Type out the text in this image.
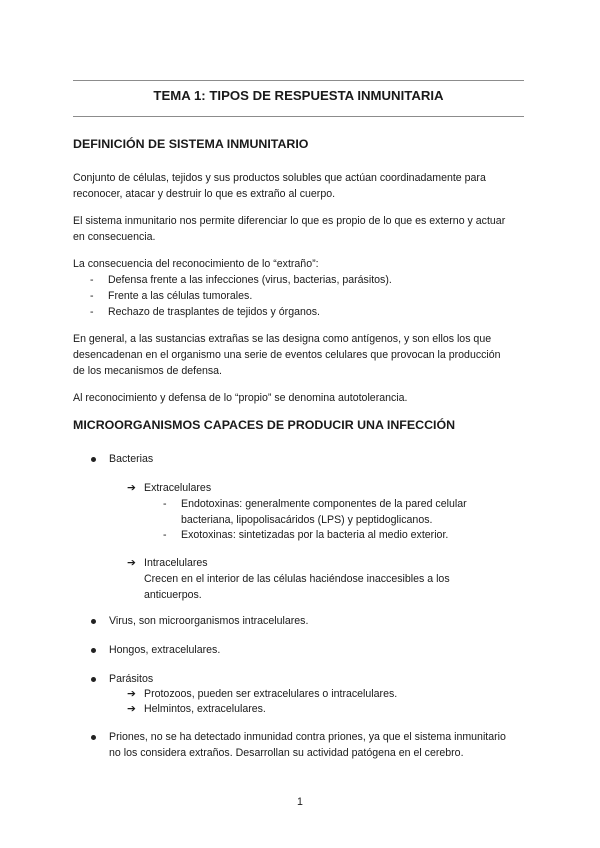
TEMA 1: TIPOS DE RESPUESTA INMUNITARIA
DEFINICIÓN DE SISTEMA INMUNITARIO
Conjunto de células, tejidos y sus productos solubles que actúan coordinadamente para
reconocer, atacar y destruir lo que es extraño al cuerpo.
El sistema inmunitario nos permite diferenciar lo que es propio de lo que es externo y actuar
en consecuencia.
La consecuencia del reconocimiento de lo “extraño”:
- Defensa frente a las infecciones (virus, bacterias, parásitos).
- Frente a las células tumorales.
- Rechazo de trasplantes de tejidos y órganos.
En general, a las sustancias extrañas se las designa como antígenos, y son ellos los que
desencadenan en el organismo una serie de eventos celulares que provocan la producción
de los mecanismos de defensa.
Al reconocimiento y defensa de lo “propio” se denomina autotolerancia.
MICROORGANISMOS CAPACES DE PRODUCIR UNA INFECCIÓN
Bacterias
➔ Extracelulares
- Endotoxinas: generalmente componentes de la pared celular
bacteriana, lipopolisacáridos (LPS) y peptidoglicanos.
- Exotoxinas: sintetizadas por la bacteria al medio exterior.
➔ Intracelulares
Crecen en el interior de las células haciéndose inaccesibles a los
anticuerpos.
Virus, son microorganismos intracelulares.
Hongos, extracelulares.
Parásitos
➔ Protozoos, pueden ser extracelulares o intracelulares.
➔ Helmintos, extracelulares.
Priones, no se ha detectado inmunidad contra priones, ya que el sistema inmunitario
no los considera extraños. Desarrollan su actividad patógena en el cerebro.
1
